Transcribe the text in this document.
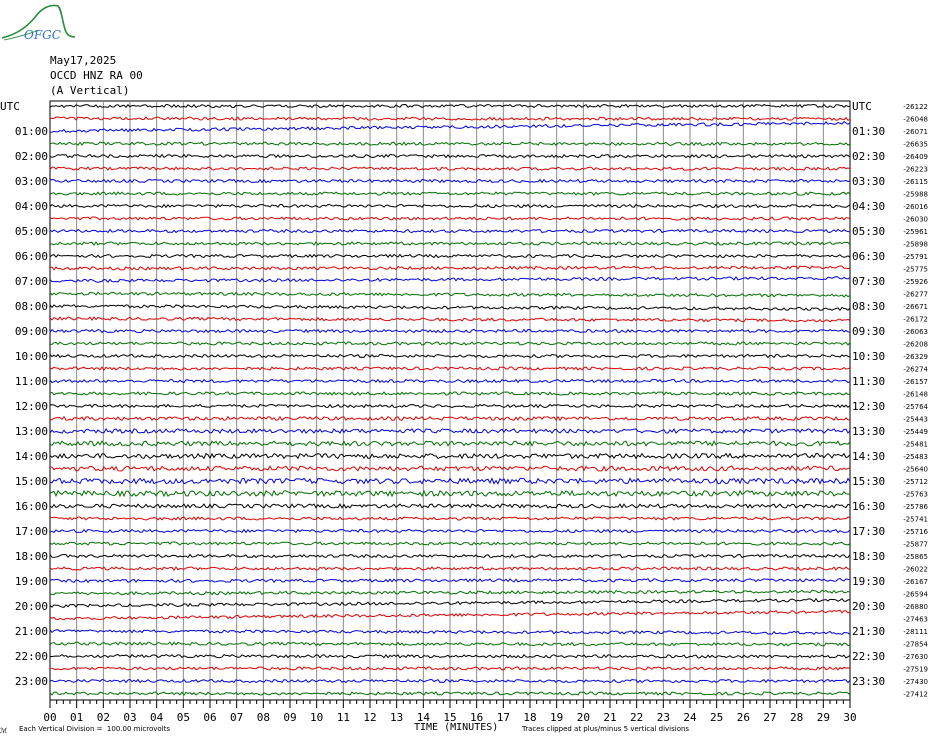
OFGC
May17,2025
OCCD HNZ RA 00
(A Vertical)
00 01 02 03 04 05 06 07 08 09 10 11 12 13 14 15 16 17 18 19 20 21 22 23 24 25 26 27 28 29 30
UTC
01:00
02:00
03:00
04:00
05:00
06:00
07:00
08:00
09:00
10:00
11:00
12:00
13:00
14:00
15:00
16:00
17:00
18:00
19:00
20:00
21:00
22:00
23:00
UTC
01:30
02:30
03:30
04:30
05:30
06:30
07:30
08:30
09:30
10:30
11:30
12:30
13:30
14:30
15:30
16:30
17:30
18:30
19:30
20:30
21:30
22:30
23:30
-26122
-26048
-26071
-26635
-26409
-26223
-26115
-25988
-26016
-26030
-25961
-25898
-25791
-25775
-25926
-26277
-26671
-26172
-26063
-26208
-26329
-26274
-26157
-26148
-25764
-25443
-25449
-25481
-25483
-25640
-25712
-25763
-25786
-25741
-25716
-25877
-25865
-26022
-26167
-26594
-26880
-27463
-28111
-27854
-27630
-27519
-27430
-27412
ℳ Each Vertical Division =  100.00 microvolts	TIME (MINUTES)	Traces clipped at plus/minus 5 vertical divisions
